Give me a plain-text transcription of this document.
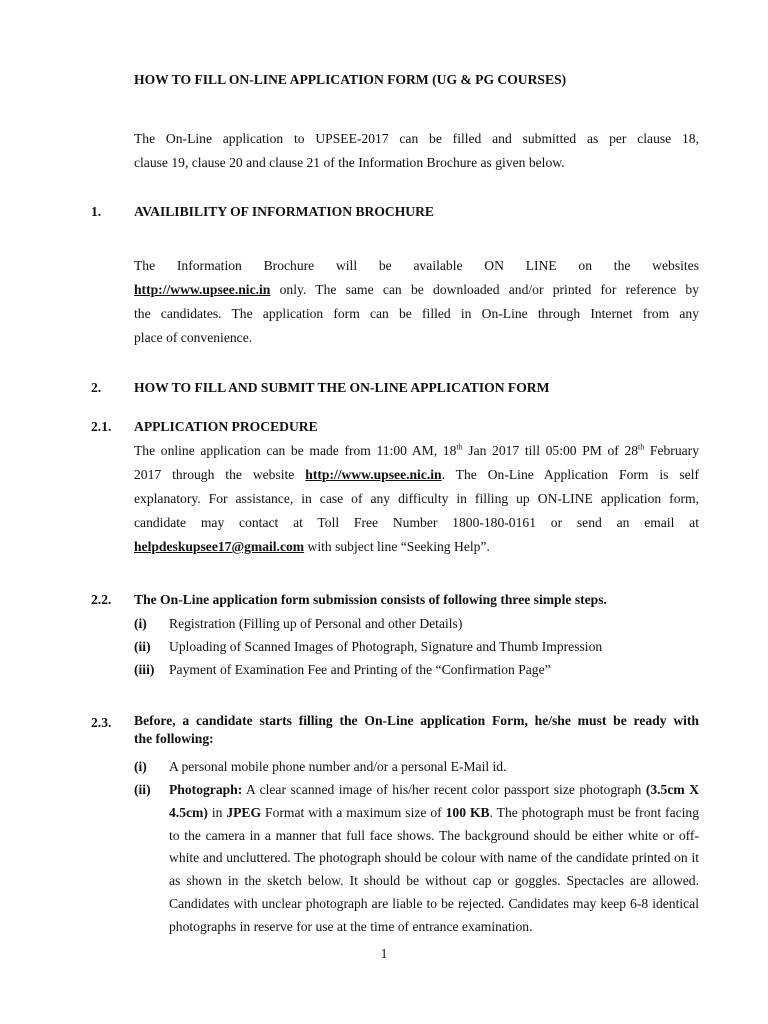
HOW TO FILL ON-LINE APPLICATION FORM (UG & PG COURSES)
The On-Line application to UPSEE-2017 can be filled and submitted as per clause 18,
clause 19, clause 20 and clause 21 of the Information Brochure as given below.
1. AVAILIBILITY OF INFORMATION BROCHURE
The Information Brochure will be available ON LINE on the websites
http://www.upsee.nic.in only. The same can be downloaded and/or printed for reference by
the candidates. The application form can be filled in On-Line through Internet from any
place of convenience.
2. HOW TO FILL AND SUBMIT THE ON-LINE APPLICATION FORM
2.1. APPLICATION PROCEDURE
The online application can be made from 11:00 AM, 18th Jan 2017 till 05:00 PM of 28th February
2017 through the website http://www.upsee.nic.in. The On-Line Application Form is self
explanatory. For assistance, in case of any difficulty in filling up ON-LINE application form,
candidate may contact at Toll Free Number 1800-180-0161 or send an email at
helpdeskupsee17@gmail.com with subject line “Seeking Help”.
2.2. The On-Line application form submission consists of following three simple steps.
(i) Registration (Filling up of Personal and other Details)
(ii) Uploading of Scanned Images of Photograph, Signature and Thumb Impression
(iii) Payment of Examination Fee and Printing of the “Confirmation Page”
2.3. Before, a candidate starts filling the On-Line application Form, he/she must be ready with
the following:
(i) A personal mobile phone number and/or a personal E-Mail id.
(ii) Photograph: A clear scanned image of his/her recent color passport size photograph (3.5cm X 4.5cm) in JPEG Format with a maximum size of 100 KB. The photograph must be front facing to the camera in a manner that full face shows. The background should be either white or off-white and uncluttered. The photograph should be colour with name of the candidate printed on it as shown in the sketch below. It should be without cap or goggles. Spectacles are allowed. Candidates with unclear photograph are liable to be rejected. Candidates may keep 6-8 identical photographs in reserve for use at the time of entrance examination.
1
